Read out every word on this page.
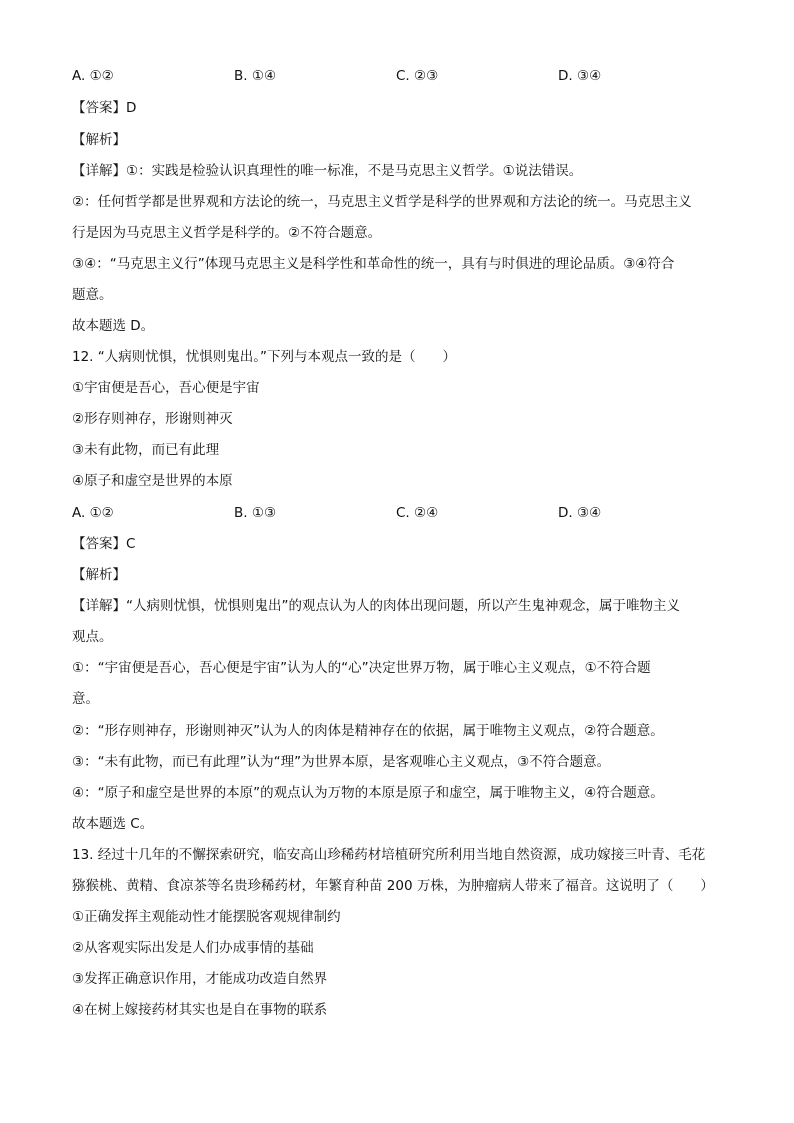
A. ①②	B. ①④	C. ②③	D. ③④
【答案】D
【解析】
【详解】①：实践是检验认识真理性的唯一标准，不是马克思主义哲学。①说法错误。
②：任何哲学都是世界观和方法论的统一，马克思主义哲学是科学的世界观和方法论的统一。马克思主义
行是因为马克思主义哲学是科学的。②不符合题意。
③④：“马克思主义行”体现马克思主义是科学性和革命性的统一，具有与时俱进的理论品质。③④符合
题意。
故本题选 D。
12. “人病则忧惧，忧惧则鬼出。”下列与本观点一致的是（　　）
①宇宙便是吾心，吾心便是宇宙
②形存则神存，形谢则神灭
③未有此物，而已有此理
④原子和虚空是世界的本原
A. ①②	B. ①③	C. ②④	D. ③④
【答案】C
【解析】
【详解】“人病则忧惧，忧惧则鬼出”的观点认为人的肉体出现问题，所以产生鬼神观念，属于唯物主义
观点。
①：“宇宙便是吾心，吾心便是宇宙”认为人的“心”决定世界万物，属于唯心主义观点，①不符合题
意。
②：“形存则神存，形谢则神灭”认为人的肉体是精神存在的依据，属于唯物主义观点，②符合题意。
③：“未有此物，而已有此理”认为“理”为世界本原，是客观唯心主义观点，③不符合题意。
④：“原子和虚空是世界的本原”的观点认为万物的本原是原子和虚空，属于唯物主义，④符合题意。
故本题选 C。
13. 经过十几年的不懈探索研究，临安高山珍稀药材培植研究所利用当地自然资源，成功嫁接三叶青、毛花
猕猴桃、黄精、食凉茶等名贵珍稀药材，年繁育种苗 200 万株，为肿瘤病人带来了福音。这说明了（　　）
①正确发挥主观能动性才能摆脱客观规律制约
②从客观实际出发是人们办成事情的基础
③发挥正确意识作用，才能成功改造自然界
④在树上嫁接药材其实也是自在事物的联系
